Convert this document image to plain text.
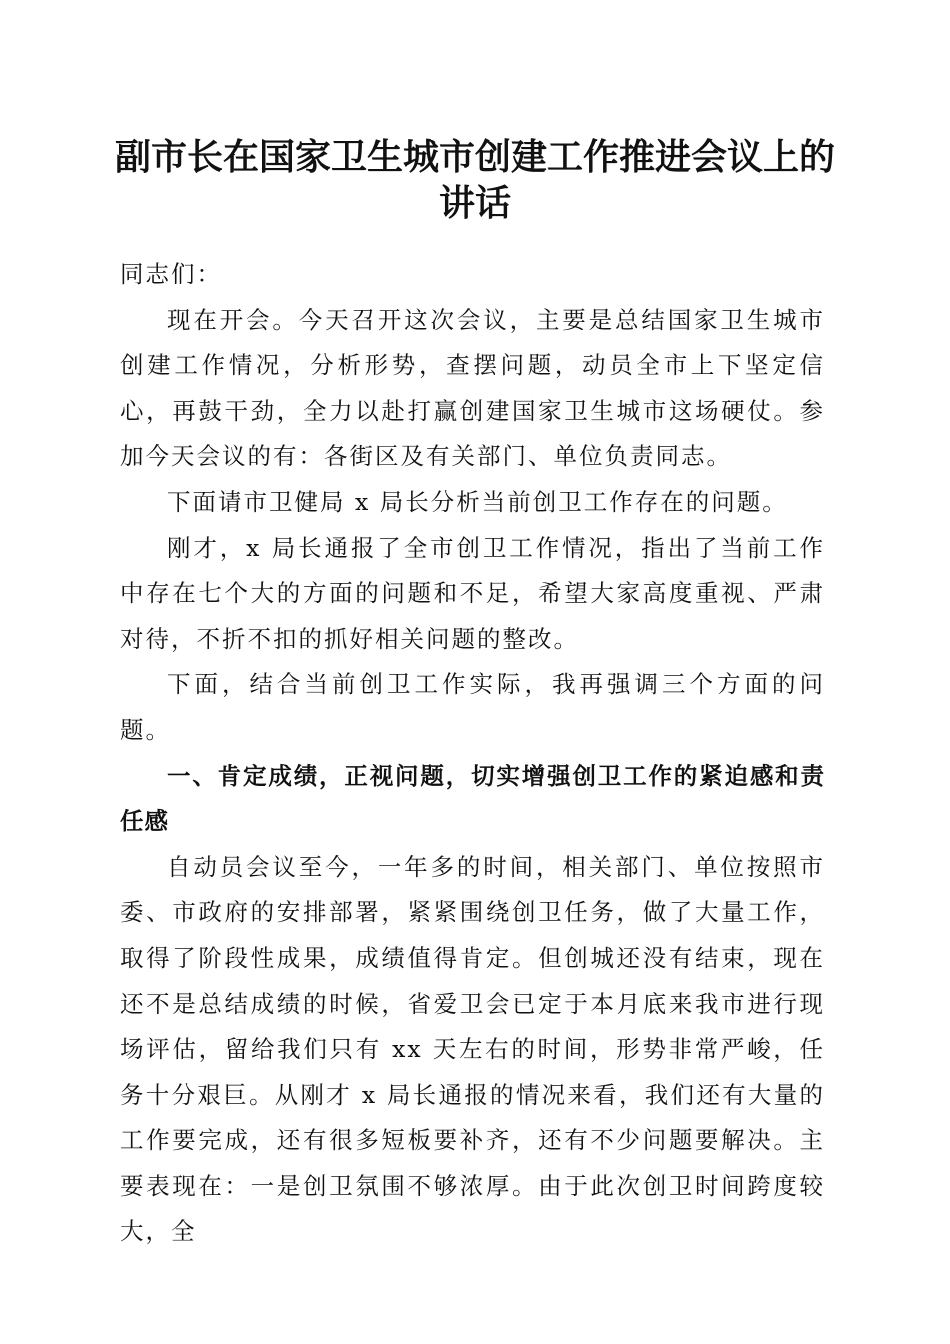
副市长在国家卫生城市创建工作推进会议上的讲话

同志们：

现在开会。今天召开这次会议，主要是总结国家卫生城市创建工作情况，分析形势，查摆问题，动员全市上下坚定信心，再鼓干劲，全力以赴打赢创建国家卫生城市这场硬仗。参加今天会议的有：各街区及有关部门、单位负责同志。

下面请市卫健局 x 局长分析当前创卫工作存在的问题。

刚才，x 局长通报了全市创卫工作情况，指出了当前工作中存在七个大的方面的问题和不足，希望大家高度重视、严肃对待，不折不扣的抓好相关问题的整改。

下面，结合当前创卫工作实际，我再强调三个方面的问题。

一、肯定成绩，正视问题，切实增强创卫工作的紧迫感和责任感

自动员会议至今，一年多的时间，相关部门、单位按照市委、市政府的安排部署，紧紧围绕创卫任务，做了大量工作，取得了阶段性成果，成绩值得肯定。但创城还没有结束，现在还不是总结成绩的时候，省爱卫会已定于本月底来我市进行现场评估，留给我们只有 xx 天左右的时间，形势非常严峻，任务十分艰巨。从刚才 x 局长通报的情况来看，我们还有大量的工作要完成，还有很多短板要补齐，还有不少问题要解决。主要表现在：一是创卫氛围不够浓厚。由于此次创卫时间跨度较大，全
